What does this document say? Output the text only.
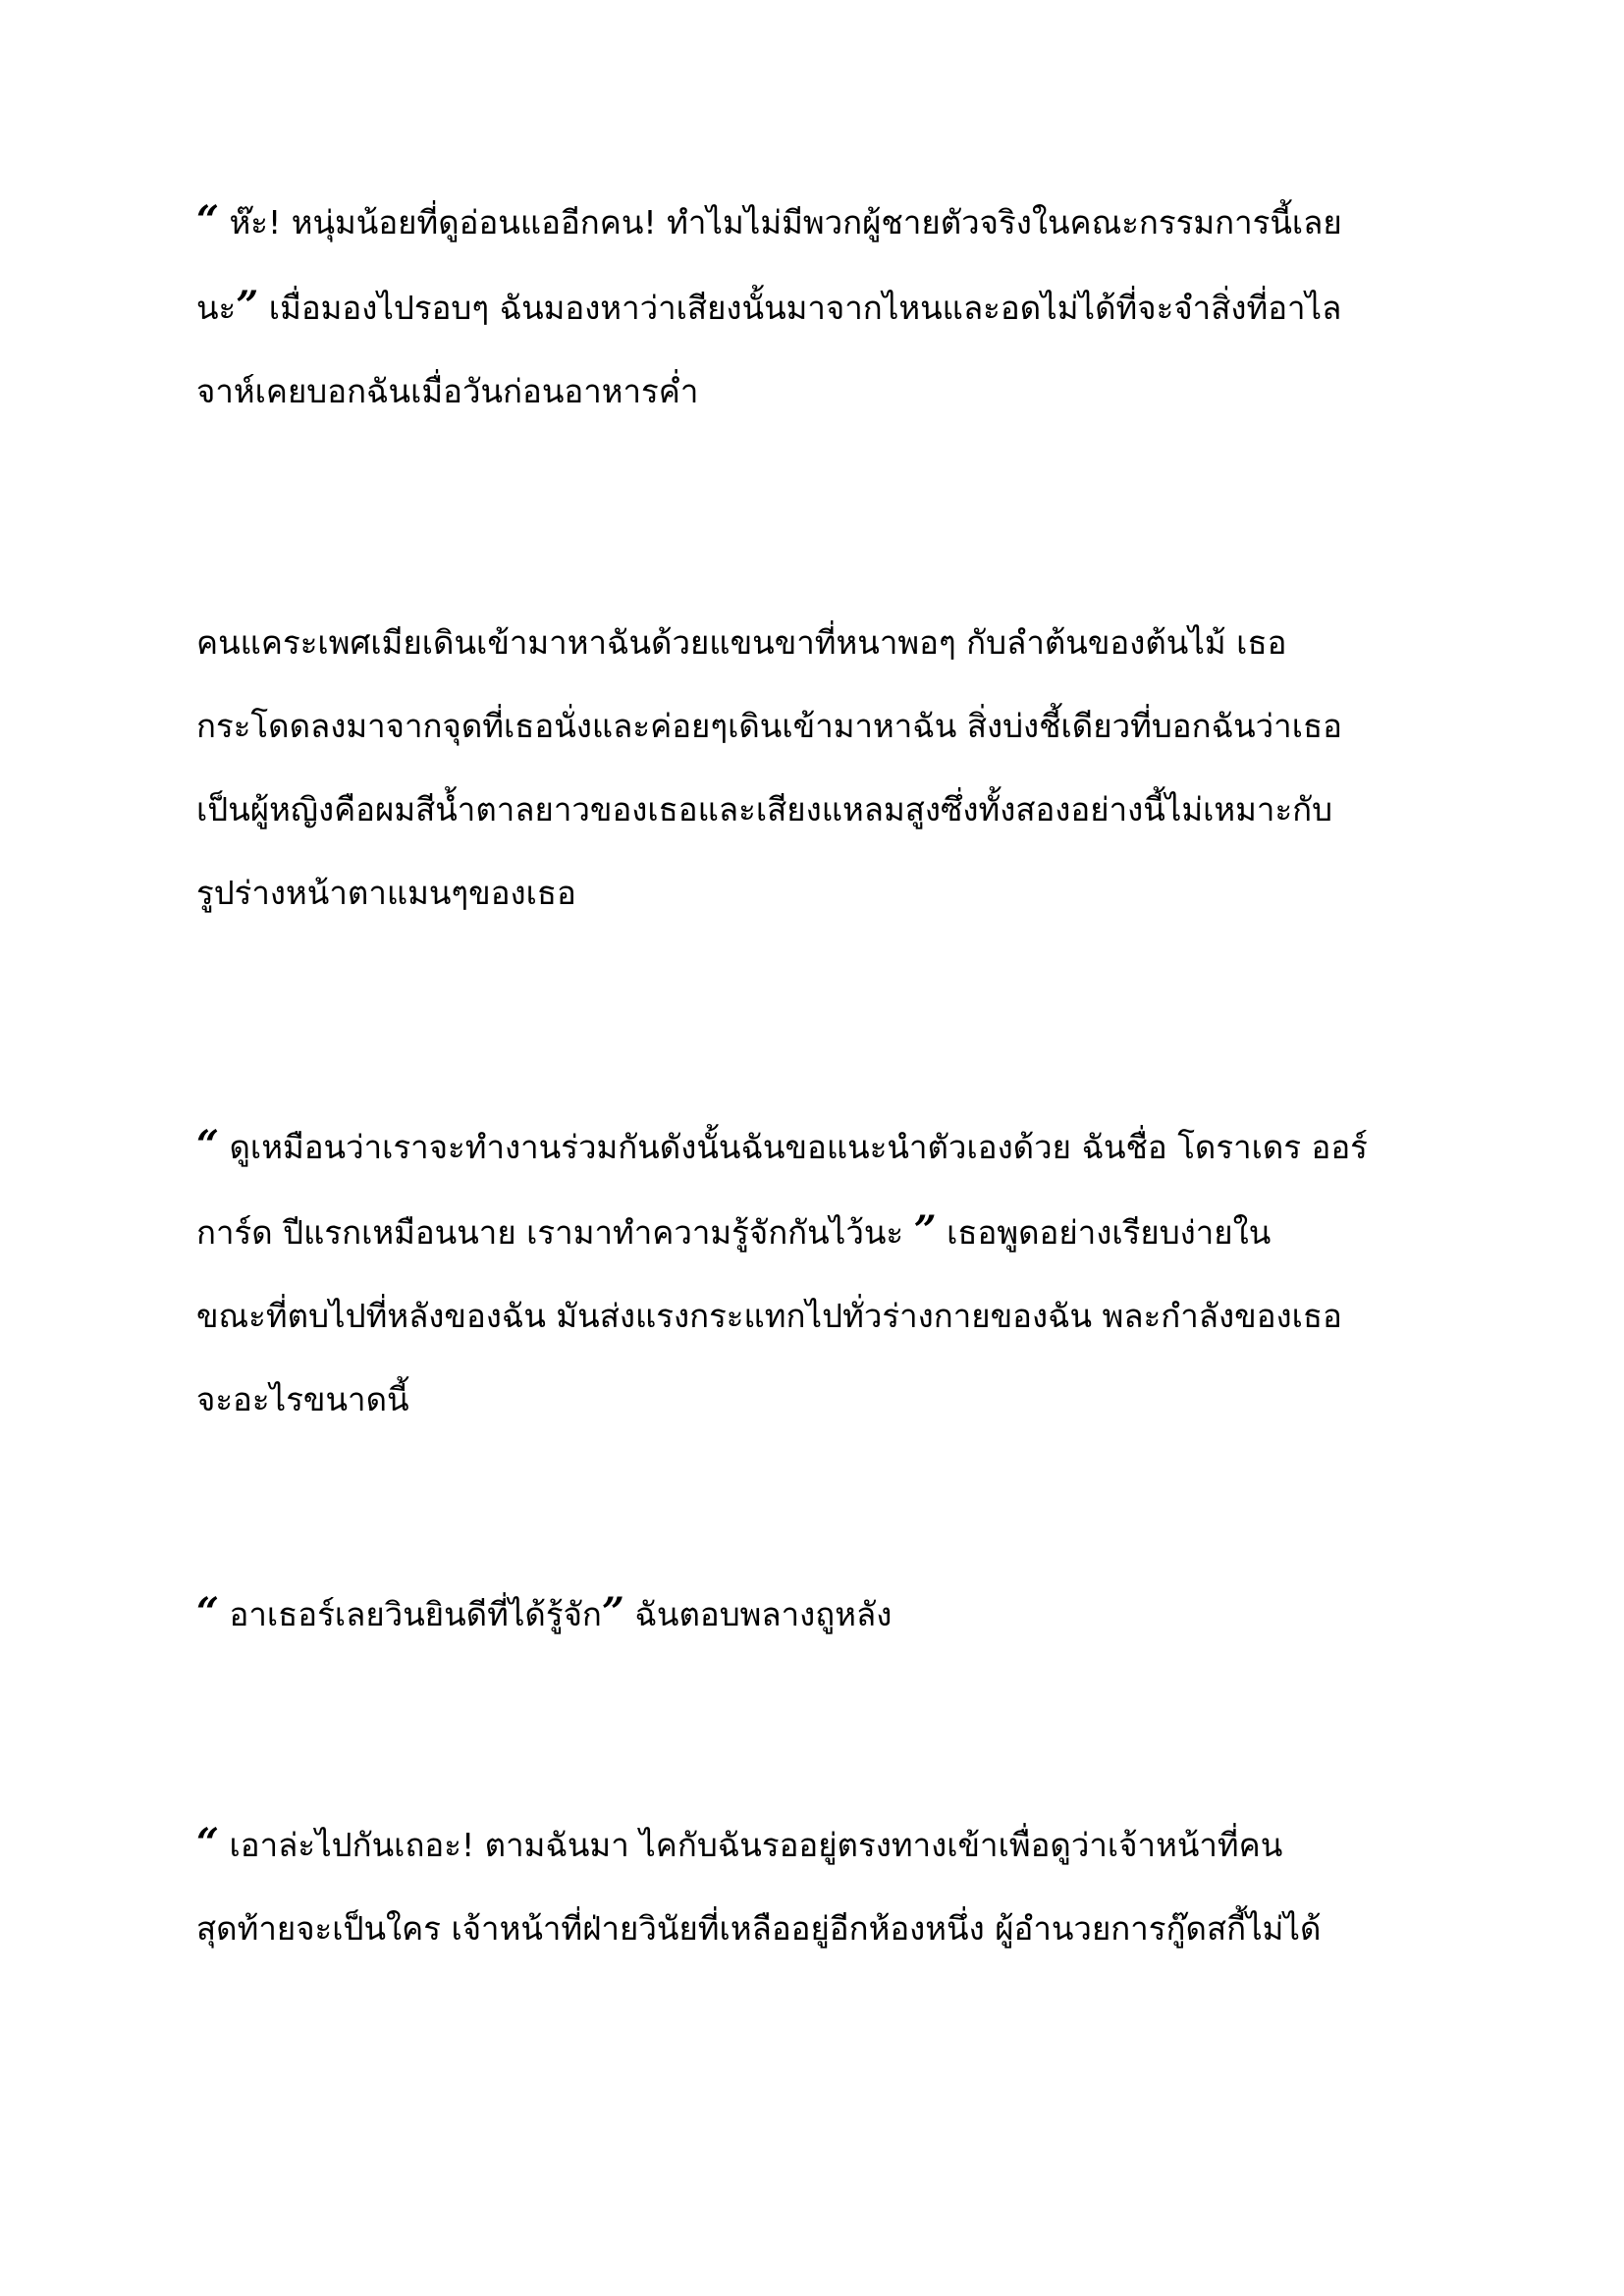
“ ห๊ะ! หนุ่มน้อยที่ดูอ่อนแออีกคน! ทำไมไม่มีพวกผู้ชายตัวจริงในคณะกรรมการนี้เลย
นะ” เมื่อมองไปรอบๆ ฉันมองหาว่าเสียงนั้นมาจากไหนและอดไม่ได้ที่จะจำสิ่งที่อาไล
จาห์เคยบอกฉันเมื่อวันก่อนอาหารค่ำ
คนแคระเพศเมียเดินเข้ามาหาฉันด้วยแขนขาที่หนาพอๆ กับลำต้นของต้นไม้ เธอ
กระโดดลงมาจากจุดที่เธอนั่งและค่อยๆเดินเข้ามาหาฉัน สิ่งบ่งชี้เดียวที่บอกฉันว่าเธอ
เป็นผู้หญิงคือผมสีน้ำตาลยาวของเธอและเสียงแหลมสูงซึ่งทั้งสองอย่างนี้ไม่เหมาะกับ
รูปร่างหน้าตาแมนๆของเธอ
“ ดูเหมือนว่าเราจะทำงานร่วมกันดังนั้นฉันขอแนะนำตัวเองด้วย ฉันชื่อ โดราเดร ออร์
การ์ด ปีแรกเหมือนนาย เรามาทำความรู้จักกันไว้นะ ” เธอพูดอย่างเรียบง่ายใน
ขณะที่ตบไปที่หลังของฉัน มันส่งแรงกระแทกไปทั่วร่างกายของฉัน พละกำลังของเธอ
จะอะไรขนาดนี้
“ อาเธอร์เลยวินยินดีที่ได้รู้จัก” ฉันตอบพลางถูหลัง
“ เอาล่ะไปกันเถอะ! ตามฉันมา ไคกับฉันรออยู่ตรงทางเข้าเพื่อดูว่าเจ้าหน้าที่คน
สุดท้ายจะเป็นใคร เจ้าหน้าที่ฝ่ายวินัยที่เหลืออยู่อีกห้องหนึ่ง ผู้อำนวยการกู๊ดสกี้ไม่ได้
